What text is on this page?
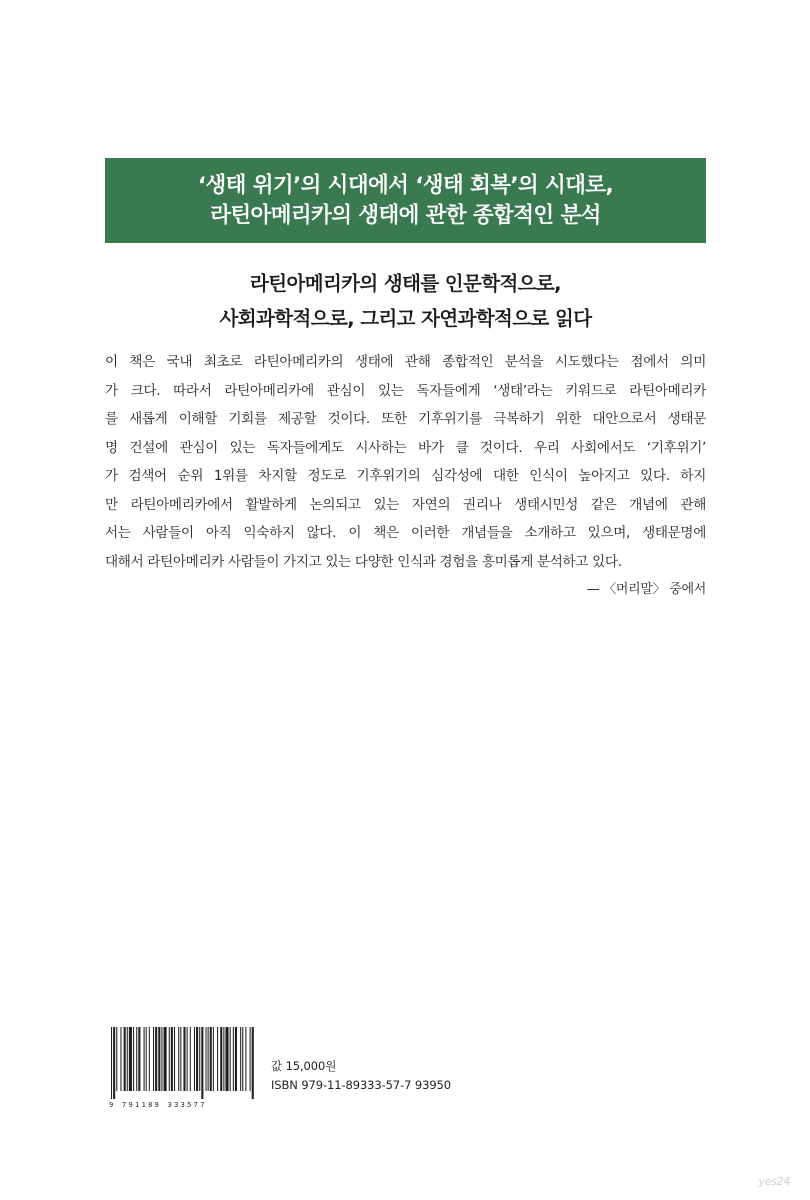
‘생태 위기’의 시대에서 ‘생태 회복’의 시대로,
라틴아메리카의 생태에 관한 종합적인 분석
라틴아메리카의 생태를 인문학적으로,
사회과학적으로, 그리고 자연과학적으로 읽다
이 책은 국내 최초로 라틴아메리카의 생태에 관해 종합적인 분석을 시도했다는 점에서 의미
가 크다. 따라서 라틴아메리카에 관심이 있는 독자들에게 ‘생태’라는 키워드로 라틴아메리카
를 새롭게 이해할 기회를 제공할 것이다. 또한 기후위기를 극복하기 위한 대안으로서 생태문
명 건설에 관심이 있는 독자들에게도 시사하는 바가 클 것이다. 우리 사회에서도 ‘기후위기’
가 검색어 순위 1위를 차지할 정도로 기후위기의 심각성에 대한 인식이 높아지고 있다. 하지
만 라틴아메리카에서 활발하게 논의되고 있는 자연의 권리나 생태시민성 같은 개념에 관해
서는 사람들이 아직 익숙하지 않다. 이 책은 이러한 개념들을 소개하고 있으며, 생태문명에
대해서 라틴아메리카 사람들이 가지고 있는 다양한 인식과 경험을 흥미롭게 분석하고 있다.
— 〈머리말〉 중에서
9 791189 333577
값 15,000원
ISBN 979-11-89333-57-7 93950
yes24
